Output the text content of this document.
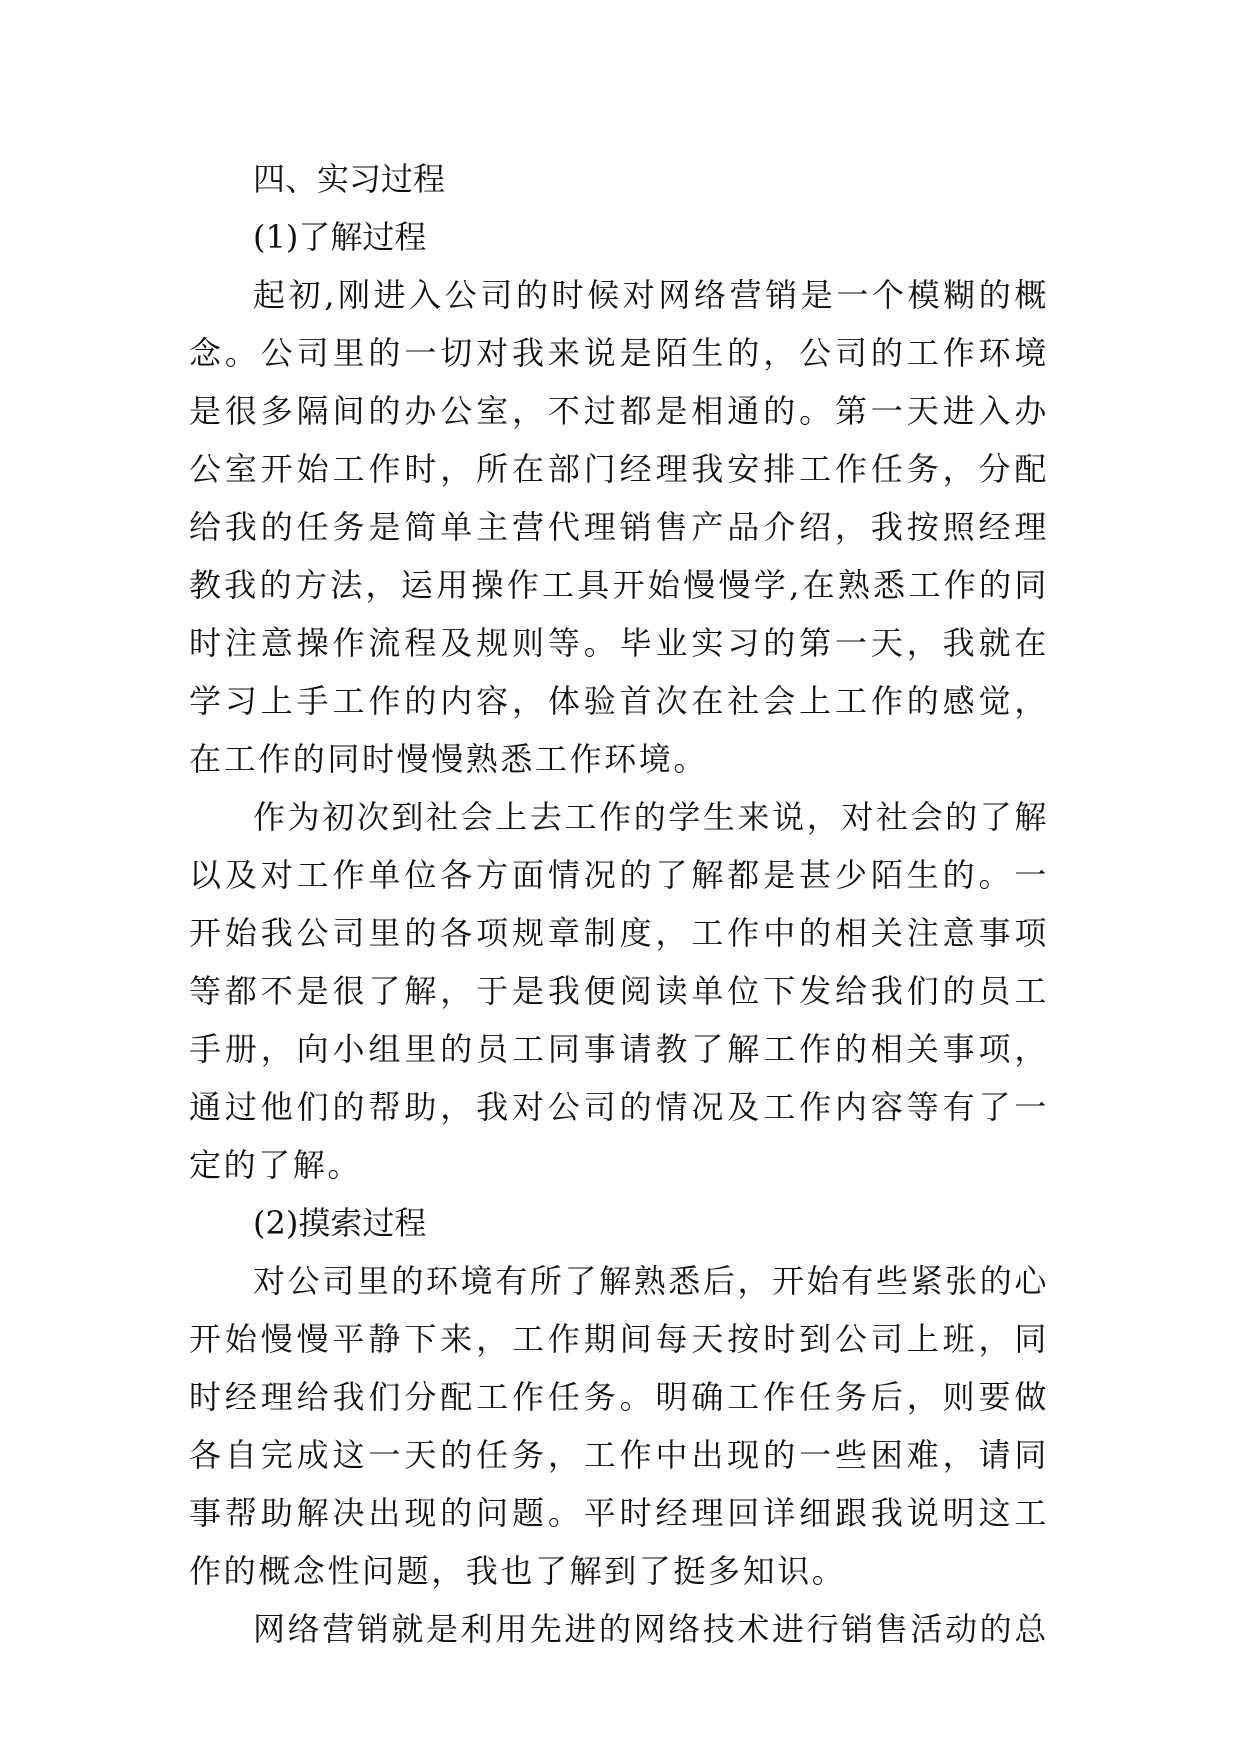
四、实习过程

(1)了解过程

起初,刚进入公司的时候对网络营销是一个模糊的概念。公司里的一切对我来说是陌生的，公司的工作环境是很多隔间的办公室，不过都是相通的。第一天进入办公室开始工作时，所在部门经理我安排工作任务，分配给我的任务是简单主营代理销售产品介绍，我按照经理教我的方法，运用操作工具开始慢慢学,在熟悉工作的同时注意操作流程及规则等。毕业实习的第一天，我就在学习上手工作的内容，体验首次在社会上工作的感觉，在工作的同时慢慢熟悉工作环境。

作为初次到社会上去工作的学生来说，对社会的了解以及对工作单位各方面情况的了解都是甚少陌生的。一开始我公司里的各项规章制度，工作中的相关注意事项等都不是很了解，于是我便阅读单位下发给我们的员工手册，向小组里的员工同事请教了解工作的相关事项，通过他们的帮助，我对公司的情况及工作内容等有了一定的了解。

(2)摸索过程

对公司里的环境有所了解熟悉后，开始有些紧张的心开始慢慢平静下来，工作期间每天按时到公司上班，同时经理给我们分配工作任务。明确工作任务后，则要做各自完成这一天的任务，工作中出现的一些困难，请同事帮助解决出现的问题。平时经理回详细跟我说明这工作的概念性问题，我也了解到了挺多知识。

网络营销就是利用先进的网络技术进行销售活动的总
